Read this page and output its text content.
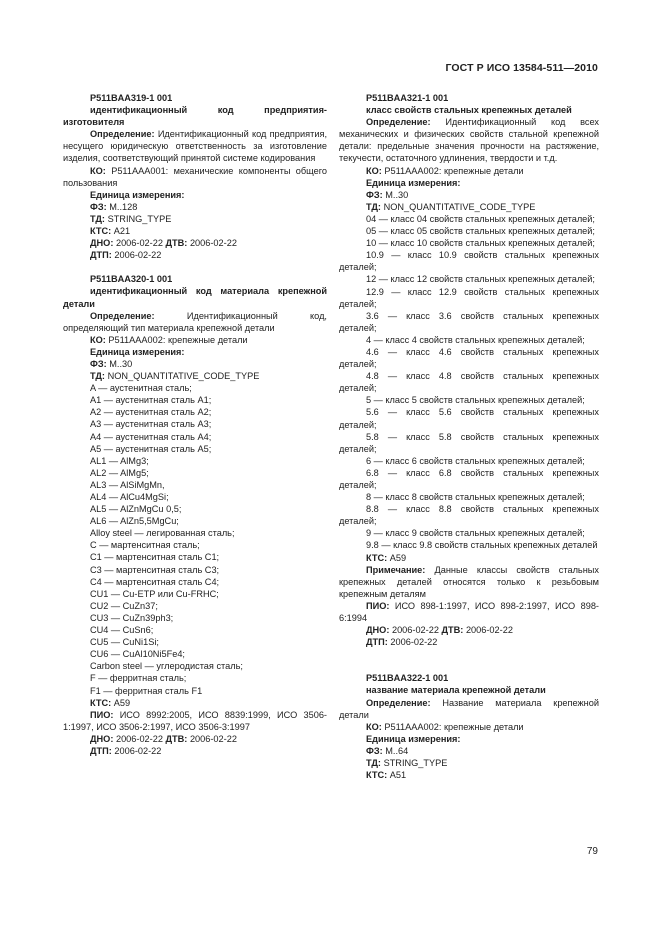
ГОСТ Р ИСО 13584-511—2010

P511BAA319-1 001

идентификационный код предприятия-изготовителя

Определение: Идентификационный код предприятия, несущего юридическую ответственность за изготовление изделия, соответствующий принятой системе кодирования

КО: P511AAA001: механические компоненты общего пользования

Единица измерения:

ФЗ: M..128

ТД: STRING_TYPE

КТС: A21

ДНО: 2006-02-22 ДТВ: 2006-02-22

ДТП: 2006-02-22

P511BAA320-1 001

идентификационный код материала крепежной детали

Определение:	Идентификационный код, определяющий тип материала крепежной детали

КО: P511AAA002: крепежные детали

Единица измерения:

ФЗ: M..30

ТД: NON_QUANTITATIVE_CODE_TYPE

A — аустенитная сталь;

A1 — аустенитная сталь A1;

A2 — аустенитная сталь A2;

A3 — аустенитная сталь A3;

A4 — аустенитная сталь A4;

A5 — аустенитная сталь A5;

AL1 — AlMg3;

AL2 — AlMg5;

AL3 — AlSiMgMn,

AL4 — AlCu4MgSi;

AL5 — AlZnMgCu 0,5;

AL6 — AlZn5,5MgCu;

Alloy steel — легированная сталь;

C — мартенситная сталь;

C1 — мартенситная сталь C1;

C3 — мартенситная сталь C3;

C4 — мартенситная сталь C4;

CU1 — Cu-ETP или Cu-FRHC;

CU2 — CuZn37;

CU3 — CuZn39ph3;

CU4 — CuSn6;

CU5 — CuNi1Si;

CU6 — CuAl10Ni5Fe4;

Carbon steel — углеродистая сталь;

F — ферритная сталь;

F1 — ферритная сталь F1

КТС: A59

ПИО: ИСО 8992:2005, ИСО 8839:1999, ИСО 3506-1:1997, ИСО 3506-2:1997, ИСО 3506-3:1997

ДНО: 2006-02-22 ДТВ: 2006-02-22

ДТП: 2006-02-22

P511BAA321-1 001

класс свойств стальных крепежных деталей

Определение: Идентификационный код всех механических и физических свойств стальной крепежной детали: предельные значения прочности на растяжение, текучести, остаточного удлинения, твердости и т.д.

КО: P511AAA002: крепежные детали

Единица измерения:

ФЗ: M..30

ТД: NON_QUANTITATIVE_CODE_TYPE

04 — класс 04 свойств стальных крепежных деталей;

05 — класс 05 свойств стальных крепежных деталей;

10 — класс 10 свойств стальных крепежных деталей;

10.9 — класс 10.9 свойств стальных крепежных деталей;

12 — класс 12 свойств стальных крепежных деталей;

12.9 — класс 12.9 свойств стальных крепежных деталей;

3.6 — класс 3.6 свойств стальных крепежных деталей;

4 — класс 4 свойств стальных крепежных деталей;

4.6 — класс 4.6 свойств стальных крепежных деталей;

4.8 — класс 4.8 свойств стальных крепежных деталей;

5 — класс 5 свойств стальных крепежных деталей;

5.6 — класс 5.6 свойств стальных крепежных деталей;

5.8 — класс 5.8 свойств стальных крепежных деталей;

6 — класс 6 свойств стальных крепежных деталей;

6.8 — класс 6.8 свойств стальных крепежных деталей;

8 — класс 8 свойств стальных крепежных деталей;

8.8 — класс 8.8 свойств стальных крепежных деталей;

9 — класс 9 свойств стальных крепежных деталей;

9.8 — класс 9.8 свойств стальных крепежных деталей

КТС: A59

Примечание: Данные классы свойств стальных крепежных деталей относятся только к резьбовым крепежным деталям

ПИО: ИСО 898-1:1997, ИСО 898-2:1997, ИСО 898-6:1994

ДНО: 2006-02-22 ДТВ: 2006-02-22

ДТП: 2006-02-22

P511BAA322-1 001

название материала крепежной детали

Определение: Название материала крепежной детали

КО: P511AAA002: крепежные детали

Единица измерения:

ФЗ: M..64

ТД: STRING_TYPE

КТС: A51

79
